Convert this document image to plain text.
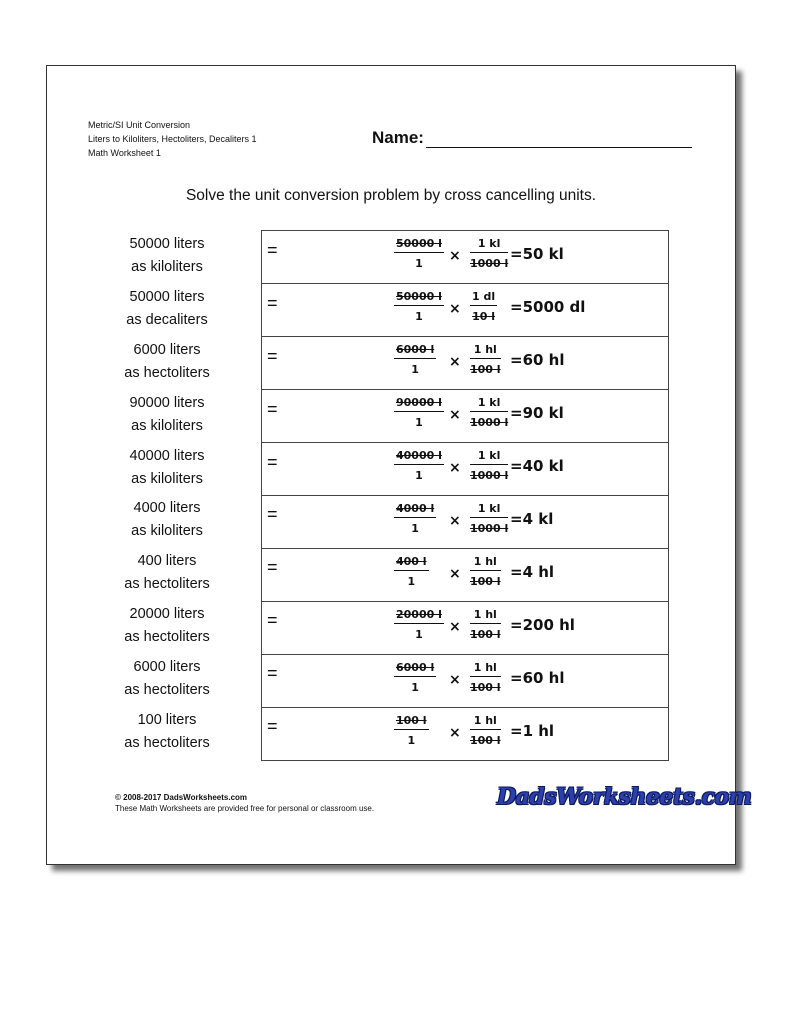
Metric/SI Unit Conversion
Liters to Kiloliters, Hectoliters, Decaliters 1
Math Worksheet 1
Name:
Solve the unit conversion problem by cross cancelling units.
50000 liters
as kiloliters
=
50000 liters
as decaliters
=
6000 liters
as hectoliters
=
90000 liters
as kiloliters
=
40000 liters
as kiloliters
=
4000 liters
as kiloliters
=
400 liters
as hectoliters
=
20000 liters
as hectoliters
=
6000 liters
as hectoliters
=
100 liters
as hectoliters
=
$\frac{50000 l}{1} \times \frac{1 kl}{1000 l} =50$ kl
$\frac{50000 l}{1} \times \frac{1 dl}{10 l} =5000$ dl
$\frac{6000 l}{1} \times \frac{1 hl}{100 l} =60$ hl
$\frac{90000 l}{1} \times \frac{1 kl}{1000 l} =90$ kl
$\frac{40000 l}{1} \times \frac{1 kl}{1000 l} =40$ kl
$\frac{4000 l}{1} \times \frac{1 kl}{1000 l} =4$ kl
$\frac{400 l}{1} \times \frac{1 hl}{100 l} =4$ hl
$\frac{20000 l}{1} \times \frac{1 hl}{100 l} =200$ hl
$\frac{6000 l}{1} \times \frac{1 hl}{100 l} =60$ hl
$\frac{100 l}{1} \times \frac{1 hl}{100 l} =1$ hl
© 2008-2017 DadsWorksheets.com
These Math Worksheets are provided free for personal or classroom use.	DadsWorksheets.com
